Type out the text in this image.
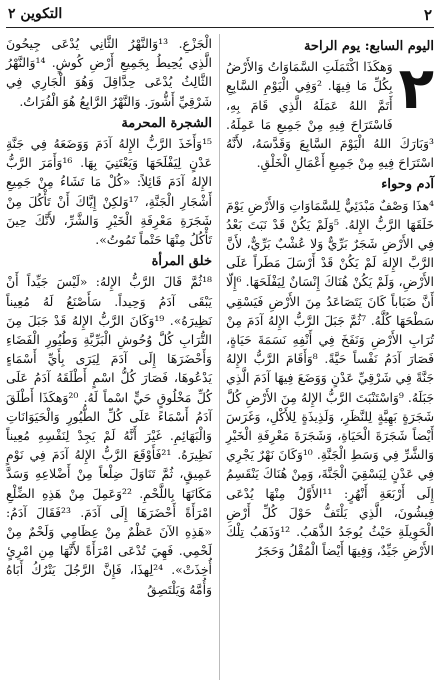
٢
التكوين ٢
اليوم السابع: يوم الراحة

٢
وَهكَذَا اكْتَمَلَتِ السَّمَاوَاتُ وَالأَرْضُ بِكُلِّ مَا فِيهَا. ²وَفِي الْيَوْمِ السَّابِعِ أَتَمَّ اللهُ عَمَلَهُ الَّذِي قَامَ بِهِ، فَاسْتَرَاحَ فِيهِ مِنْ جَمِيعِ مَا عَمِلَهُ. ³وَبَارَكَ اللهُ الْيَوْمَ السَّابِعَ وَقَدَّسَهُ، لأَنَّهُ اسْتَرَاحَ فِيهِ مِنْ جَمِيعِ أَعْمَالِ الْخَلْقِ.

آدم وحواء

⁴هذَا وَصْفٌ مَبْدَئِيٌّ لِلسَّمَاوَاتِ وَالأَرْضِ يَوْمَ خَلَقَهَا الرَّبُّ الإِلهُ. ⁵وَلَمْ يَكُنْ قَدْ نَبَتَ بَعْدُ فِي الأَرْضِ شَجَرٌ بَرِّيٌّ وَلا عُشْبٌ بَرِّيٌّ، لأَنَّ الرَّبَّ الإِلهَ لَمْ يَكُنْ قَدْ أَرْسَلَ مَطَراً عَلَى الأَرْضِ، وَلَمْ يَكُنْ هُنَاكَ إِنْسَانٌ لِيَفْلَحَهَا. ⁶إِلّا أَنَّ ضَبَاباً كَانَ يَتَصَاعَدُ مِنَ الأَرْضِ فَيَسْقِي سَطْحَهَا كُلَّهُ. ⁷ثُمَّ جَبَلَ الرَّبُّ الإِلهُ آدَمَ مِنْ تُرَابِ الأَرْضِ وَنَفَخَ فِي أَنْفِهِ نَسَمَةَ حَيَاةٍ، فَصَارَ آدَمُ نَفْساً حَيَّةً. ⁸وَأَقَامَ الرَّبُّ الإِلهُ جَنَّةً فِي شَرْقِيِّ عَدْنٍ وَوَضَعَ فِيهَا آدَمَ الَّذِي جَبَلَهُ. ⁹وَاسْتَنْبَتَ الرَّبُّ الإِلهُ مِنَ الأَرْضِ كُلَّ شَجَرَةٍ بَهِيَّةٍ لِلنَّظَرِ، وَلَذِيذَةٍ لِلأَكْلِ، وَغَرَسَ أَيْضاً شَجَرَةَ الْحَيَاةِ، وَشَجَرَةَ مَعْرِفَةِ الْخَيْرِ وَالشَّرِّ فِي وَسَطِ الْجَنَّةِ. ¹⁰وَكَانَ نَهْرٌ يَجْرِي فِي عَدْنٍ لِيَسْقِيَ الْجَنَّةَ، وَمِنْ هُنَاكَ يَنْقَسِمُ إِلَى أَرْبَعَةِ أَنْهُرٍ: ¹¹الأَوَّلُ مِنْهَا يُدْعَى فِيشُونَ، الَّذِي يَلْتَفُّ حَوْلَ كُلِّ أَرْضِ الْحَوِيلَةِ حَيْثُ يُوجَدُ الذَّهَبُ. ¹²وَذَهَبُ تِلْكَ الأَرْضِ جَيِّدٌ، وَفِيهَا أَيْضاً الْمُقْلُ وَحَجَرُ

الْجَزْعِ. ¹³وَالنَّهْرُ الثَّانِي يُدْعَى جِيحُونَ الَّذِي يُحِيطُ بِجَمِيعِ أَرْضِ كُوشٍ. ¹⁴وَالنَّهْرُ الثَّالِثُ يُدْعَى حِدَّاقِلَ وَهُوَ الْجَارِي فِي شَرْقِيِّ أَشُّورَ. وَالنَّهْرُ الرَّابِعُ هُوَ الْفُرَاتُ.

الشجرة المحرمة

¹⁵وَأَخَذَ الرَّبُّ الإِلهُ آدَمَ وَوَضَعَهُ فِي جَنَّةِ عَدْنٍ لِيَفْلَحَهَا وَيَعْتَنِيَ بِهَا. ¹⁶وَأَمَرَ الرَّبُّ الإِلهُ آدَمَ قَائِلاً: «كُلْ مَا تَشَاءُ مِنْ جَمِيعِ أَشْجَارِ الْجَنَّةِ، ¹⁷وَلكِنْ إِيَّاكَ أَنْ تَأْكُلَ مِنْ شَجَرَةِ مَعْرِفَةِ الْخَيْرِ وَالشَّرِّ، لأَنَّكَ حِينَ تَأْكُلُ مِنْهَا حَتْماً تَمُوتُ».

خلق المرأة

¹⁸ثُمَّ قَالَ الرَّبُّ الإِلهُ: «لَيْسَ جَيِّداً أَنْ يَبْقَى آدَمُ وَحِيداً. سَأَصْنَعُ لَهُ مُعِيناً نَظِيرَهُ». ¹⁹وَكَانَ الرَّبُّ الإِلهُ قَدْ جَبَلَ مِنَ التُّرَابِ كُلَّ وُحُوشِ الْبَرِّيَّةِ وَطُيُورِ الْفَضَاءِ وَأَحْضَرَهَا إِلَى آدَمَ لِيَرَى بِأَيِّ أَسْمَاءٍ يَدْعُوهَا، فَصَارَ كُلُّ اسْمٍ أَطْلَقَهُ آدَمُ عَلَى كُلِّ مَخْلُوقٍ حَيٍّ اسْماً لَهُ. ²⁰وَهكَذَا أَطْلَقَ آدَمُ أَسْمَاءً عَلَى كُلِّ الطُّيُورِ وَالْحَيَوَانَاتِ وَالْبَهَائِمِ. غَيْرَ أَنَّهُ لَمْ يَجِدْ لِنَفْسِهِ مُعِيناً نَظِيرَهُ. ²¹فَأَوْقَعَ الرَّبُّ الإِلهُ آدَمَ فِي نَوْمٍ عَمِيقٍ، ثُمَّ تَنَاوَلَ ضِلْعاً مِنْ أَضْلاعِهِ وَسَدَّ مَكَانَهَا بِاللَّحْمِ. ²²وَعَمِلَ مِنْ هَذِهِ الضِّلْعِ امْرَأَةً أَحْضَرَهَا إِلَى آدَمَ. ²³فَقَالَ آدَمُ: «هَذِهِ الآنَ عَظْمٌ مِنْ عِظَامِي وَلَحْمٌ مِنْ لَحْمِي. فَهِيَ تُدْعَى امْرَأَةً لأَنَّهَا مِنِ امْرِئٍ أُخِذَتْ». ²⁴لِهذَا، فَإِنَّ الرَّجُلَ يَتْرُكُ أَبَاهُ وَأُمَّهُ وَيَلْتَصِقُ
